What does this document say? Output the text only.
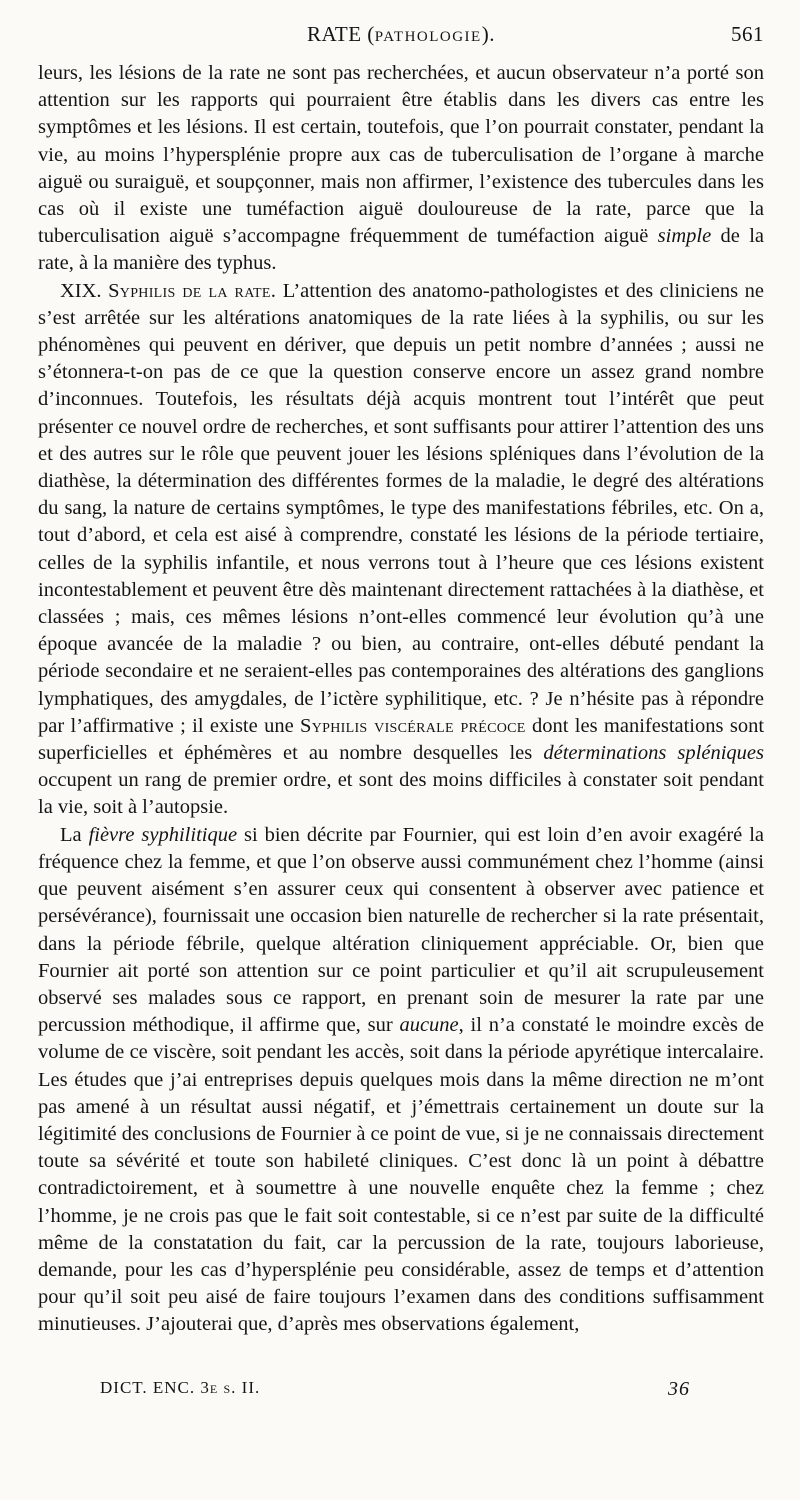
RATE (pathologie).	561

leurs, les lésions de la rate ne sont pas recherchées, et aucun observateur n’a porté son attention sur les rapports qui pourraient être établis dans les divers cas entre les symptômes et les lésions. Il est certain, toutefois, que l’on pourrait constater, pendant la vie, au moins l’hypersplénie propre aux cas de tuberculisation de l’organe à marche aiguë ou suraiguë, et soupçonner, mais non affirmer, l’existence des tubercules dans les cas où il existe une tuméfaction aiguë douloureuse de la rate, parce que la tuberculisation aiguë s’accompagne fréquemment de tuméfaction aiguë simple de la rate, à la manière des typhus.

XIX. Syphilis de la rate. L’attention des anatomo-pathologistes et des cliniciens ne s’est arrêtée sur les altérations anatomiques de la rate liées à la syphilis, ou sur les phénomènes qui peuvent en dériver, que depuis un petit nombre d’années ; aussi ne s’étonnera-t-on pas de ce que la question conserve encore un assez grand nombre d’inconnues. Toutefois, les résultats déjà acquis montrent tout l’intérêt que peut présenter ce nouvel ordre de recherches, et sont suffisants pour attirer l’attention des uns et des autres sur le rôle que peuvent jouer les lésions spléniques dans l’évolution de la diathèse, la détermination des différentes formes de la maladie, le degré des altérations du sang, la nature de certains symptômes, le type des manifestations fébriles, etc. On a, tout d’abord, et cela est aisé à comprendre, constaté les lésions de la période tertiaire, celles de la syphilis infantile, et nous verrons tout à l’heure que ces lésions existent incontestablement et peuvent être dès maintenant directement rattachées à la diathèse, et classées ; mais, ces mêmes lésions n’ont-elles commencé leur évolution qu’à une époque avancée de la maladie ? ou bien, au contraire, ont-elles débuté pendant la période secondaire et ne seraient-elles pas contemporaines des altérations des ganglions lymphatiques, des amygdales, de l’ictère syphilitique, etc. ? Je n’hésite pas à répondre par l’affirmative ; il existe une Syphilis viscérale précoce dont les manifestations sont superficielles et éphémères et au nombre desquelles les déterminations spléniques occupent un rang de premier ordre, et sont des moins difficiles à constater soit pendant la vie, soit à l’autopsie.

La fièvre syphilitique si bien décrite par Fournier, qui est loin d’en avoir exagéré la fréquence chez la femme, et que l’on observe aussi communément chez l’homme (ainsi que peuvent aisément s’en assurer ceux qui consentent à observer avec patience et persévérance), fournissait une occasion bien naturelle de rechercher si la rate présentait, dans la période fébrile, quelque altération cliniquement appréciable. Or, bien que Fournier ait porté son attention sur ce point particulier et qu’il ait scrupuleusement observé ses malades sous ce rapport, en prenant soin de mesurer la rate par une percussion méthodique, il affirme que, sur aucune, il n’a constaté le moindre excès de volume de ce viscère, soit pendant les accès, soit dans la période apyrétique intercalaire. Les études que j’ai entreprises depuis quelques mois dans la même direction ne m’ont pas amené à un résultat aussi négatif, et j’émettrais certainement un doute sur la légitimité des conclusions de Fournier à ce point de vue, si je ne connaissais directement toute sa sévérité et toute son habileté cliniques. C’est donc là un point à débattre contradictoirement, et à soumettre à une nouvelle enquête chez la femme ; chez l’homme, je ne crois pas que le fait soit contestable, si ce n’est par suite de la difficulté même de la constatation du fait, car la percussion de la rate, toujours laborieuse, demande, pour les cas d’hypersplénie peu considérable, assez de temps et d’attention pour qu’il soit peu aisé de faire toujours l’examen dans des conditions suffisamment minutieuses. J’ajouterai que, d’après mes observations également,

DICT. ENC. 3e s. II.	36
